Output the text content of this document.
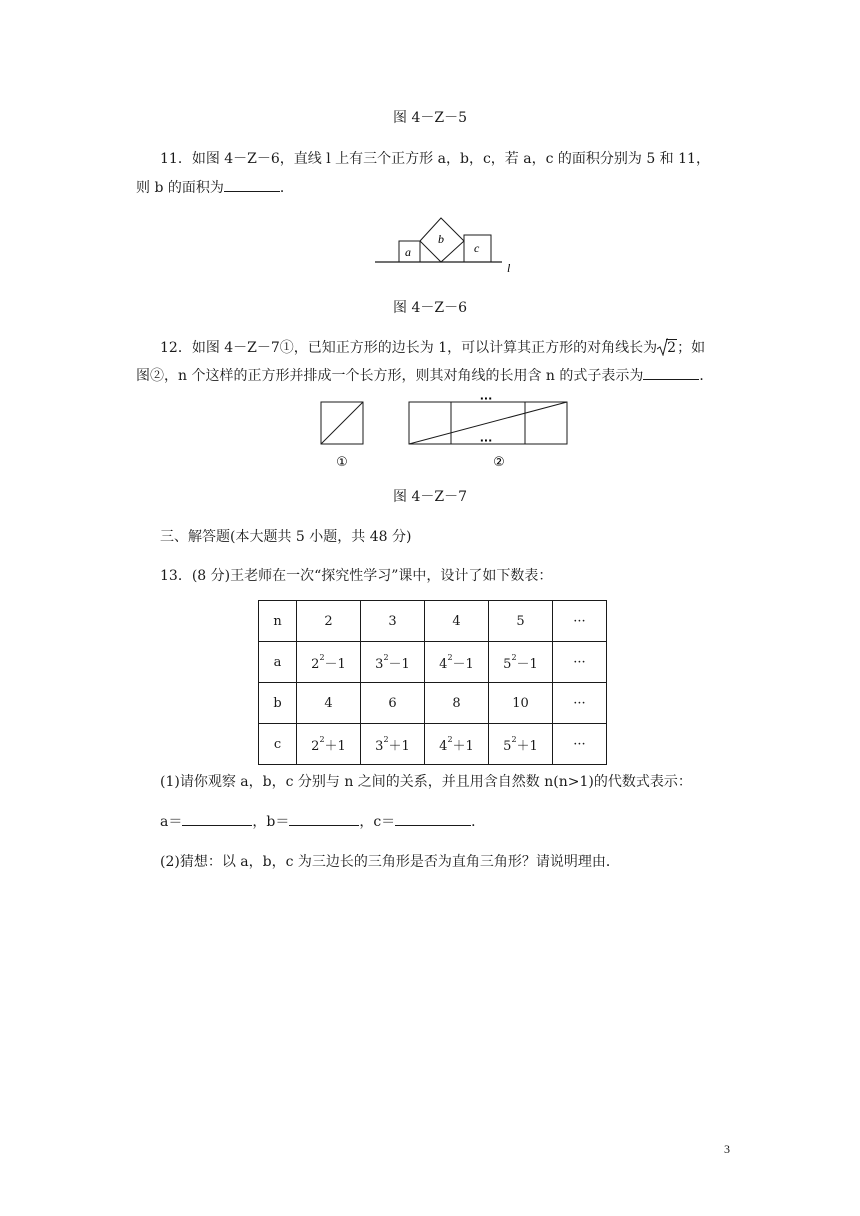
图 4－Z－5
11．如图 4－Z－6，直线 l 上有三个正方形 a，b，c，若 a，c 的面积分别为 5 和 11，
则 b 的面积为	．
a
b
c
l
图 4－Z－6
12．如图 4－Z－7①，已知正方形的边长为 1，可以计算其正方形的对角线长为 2；如
图②，n 个这样的正方形并排成一个长方形，则其对角线的长用含 n 的式子表示为	．
···
···
①	②
图 4－Z－7
三、解答题(本大题共 5 小题，共 48 分)
13．(8 分)王老师在一次“探究性学习”课中，设计了如下数表：
n	2	3	4	5	···
a	$2^2-1$	$3^2-1$	$4^2-1$	$5^2-1$	···
b	4	6	8	10	···
c	$2^2+1$	$3^2+1$	$4^2+1$	$5^2+1$	···
(1)请你观察 a，b，c 分别与 n 之间的关系，并且用含自然数 n(n>1)的代数式表示：
a＝	，b＝	，c＝	．
(2)猜想：以 a，b，c 为三边长的三角形是否为直角三角形？请说明理由．
3
